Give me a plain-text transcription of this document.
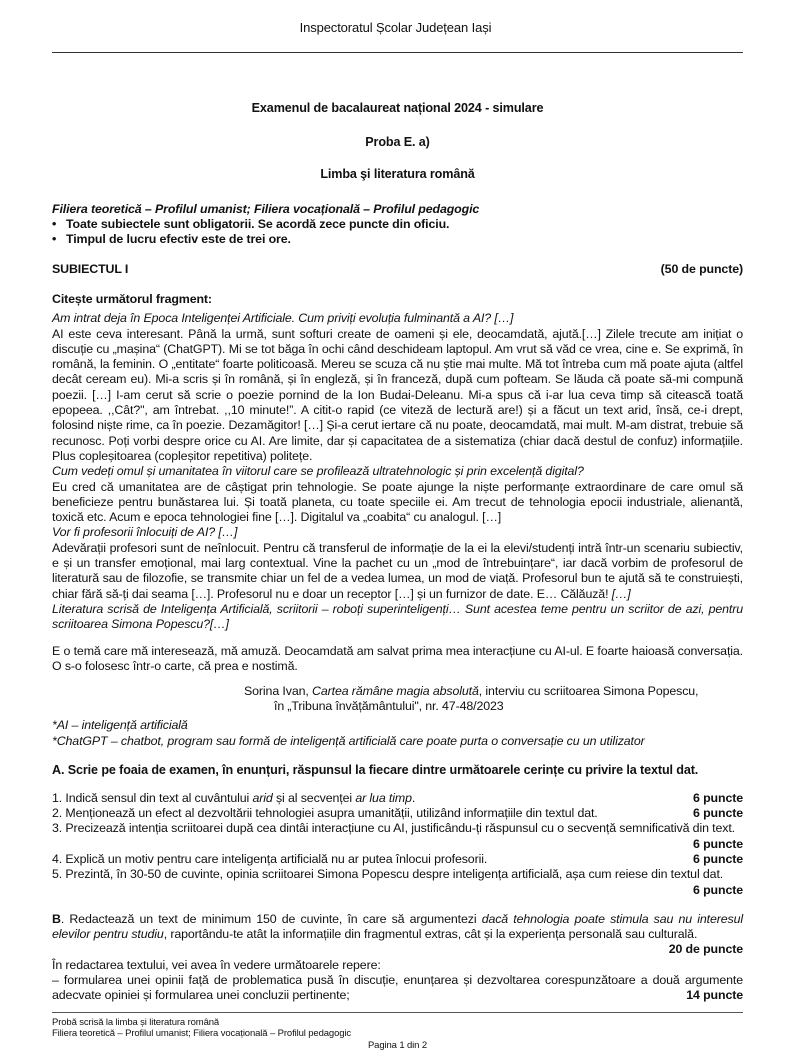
Inspectoratul Școlar Județean Iași
Examenul de bacalaureat național 2024 - simulare
Proba E. a)
Limba şi literatura română
Filiera teoretică – Profilul umanist; Filiera vocațională – Profilul pedagogic
• Toate subiectele sunt obligatorii. Se acordă zece puncte din oficiu.
• Timpul de lucru efectiv este de trei ore.
SUBIECTUL I	(50 de puncte)
Citește următorul fragment:

Am intrat deja în Epoca Inteligenței Artificiale. Cum priviți evoluția fulminantă a AI? […]

AI este ceva interesant. Până la urmă, sunt softuri create de oameni și ele, deocamdată, ajută.[…] Zilele trecute am inițiat o discuție cu „mașina“ (ChatGPT). Mi se tot băga în ochi când deschideam laptopul. Am vrut să văd ce vrea, cine e. Se exprimă, în română, la feminin. O „entitate“ foarte politicoasă. Mereu se scuza că nu știe mai multe. Mă tot întreba cum mă poate ajuta (altfel decât ceream eu). Mi-a scris și în română, și în engleză, și în franceză, după cum pofteam. Se lăuda că poate să-mi compună poezii. […] I-am cerut să scrie o poezie pornind de la Ion Budai-Deleanu. Mi-a spus că i-ar lua ceva timp să citească toată epopeea. ,,Cât?", am întrebat. ,,10 minute!”. A citit-o rapid (ce viteză de lectură are!) și a făcut un text arid, însă, ce-i drept, folosind niște rime, ca în poezie. Dezamăgitor! […] Și-a cerut iertare că nu poate, deocamdată, mai mult. M-am distrat, trebuie să recunosc. Poți vorbi despre orice cu AI. Are limite, dar și capacitatea de a sistematiza (chiar dacă destul de confuz) informațiile. Plus copleșitoarea (copleșitor repetitiva) politețe.

Cum vedeți omul și umanitatea în viitorul care se profilează ultratehnologic și prin excelență digital?

Eu cred că umanitatea are de câștigat prin tehnologie. Se poate ajunge la niște performanțe extraordinare de care omul să beneficieze pentru bunăstarea lui. Și toată planeta, cu toate speciile ei. Am trecut de tehnologia epocii industriale, alienantă, toxică etc. Acum e epoca tehnologiei fine […]. Digitalul va „coabita“ cu analogul. […]

Vor fi profesorii înlocuiți de AI? […]

Adevărații profesori sunt de neînlocuit. Pentru că transferul de informație de la ei la elevi/studenți intră într-un scenariu subiectiv, e și un transfer emoțional, mai larg contextual. Vine la pachet cu un „mod de întrebuințare“, iar dacă vorbim de profesorul de literatură sau de filozofie, se transmite chiar un fel de a vedea lumea, un mod de viață. Profesorul bun te ajută să te construiești, chiar fără să-ți dai seama […]. Profesorul nu e doar un receptor […] și un furnizor de date. E… Călăuză! […]

Literatura scrisă de Inteligența Artificială, scriitorii – roboți superinteligenți… Sunt acestea teme pentru un scriitor de azi, pentru scriitoarea Simona Popescu?[…]

E o temă care mă interesează, mă amuză. Deocamdată am salvat prima mea interacțiune cu AI-ul. E foarte haioasă conversația. O s-o folosesc într-o carte, că prea e nostimă.

Sorina Ivan, Cartea rămâne magia absolută, interviu cu scriitoarea Simona Popescu,
în „Tribuna învățământului", nr. 47-48/2023
*AI – inteligență artificială
*ChatGPT – chatbot, program sau formă de inteligență artificială care poate purta o conversație cu un utilizator
A. Scrie pe foaia de examen, în enunțuri, răspunsul la fiecare dintre următoarele cerințe cu privire la textul dat.

1. Indică sensul din text al cuvântului arid și al secvenței ar lua timp.	6 puncte

2. Menționează un efect al dezvoltării tehnologiei asupra umanității, utilizând informațiile din textul dat.	6 puncte

3. Precizează intenția scriitoarei după cea dintâi interacțiune cu AI, justificându-ți răspunsul cu o secvență semnificativă din text.
6 puncte

4. Explică un motiv pentru care inteligența artificială nu ar putea înlocui profesorii.	6 puncte

5. Prezintă, în 30-50 de cuvinte, opinia scriitoarei Simona Popescu despre inteligența artificială, așa cum reiese din textul dat.
6 puncte

B. Redactează un text de minimum 150 de cuvinte, în care să argumentezi dacă tehnologia poate stimula sau nu interesul elevilor pentru studiu, raportându-te atât la informațiile din fragmentul extras, cât și la experiența personală sau culturală.
20 de puncte

În redactarea textului, vei avea în vedere următoarele repere:

– formularea unei opinii față de problematica pusă în discuție, enunțarea și dezvoltarea corespunzătoare a două argumente adecvate opiniei și formularea unei concluzii pertinente;	14 puncte

Probă scrisă la limba și literatura română
Filiera teoretică – Profilul umanist; Filiera vocațională – Profilul pedagogic
Pagina 1 din 2
